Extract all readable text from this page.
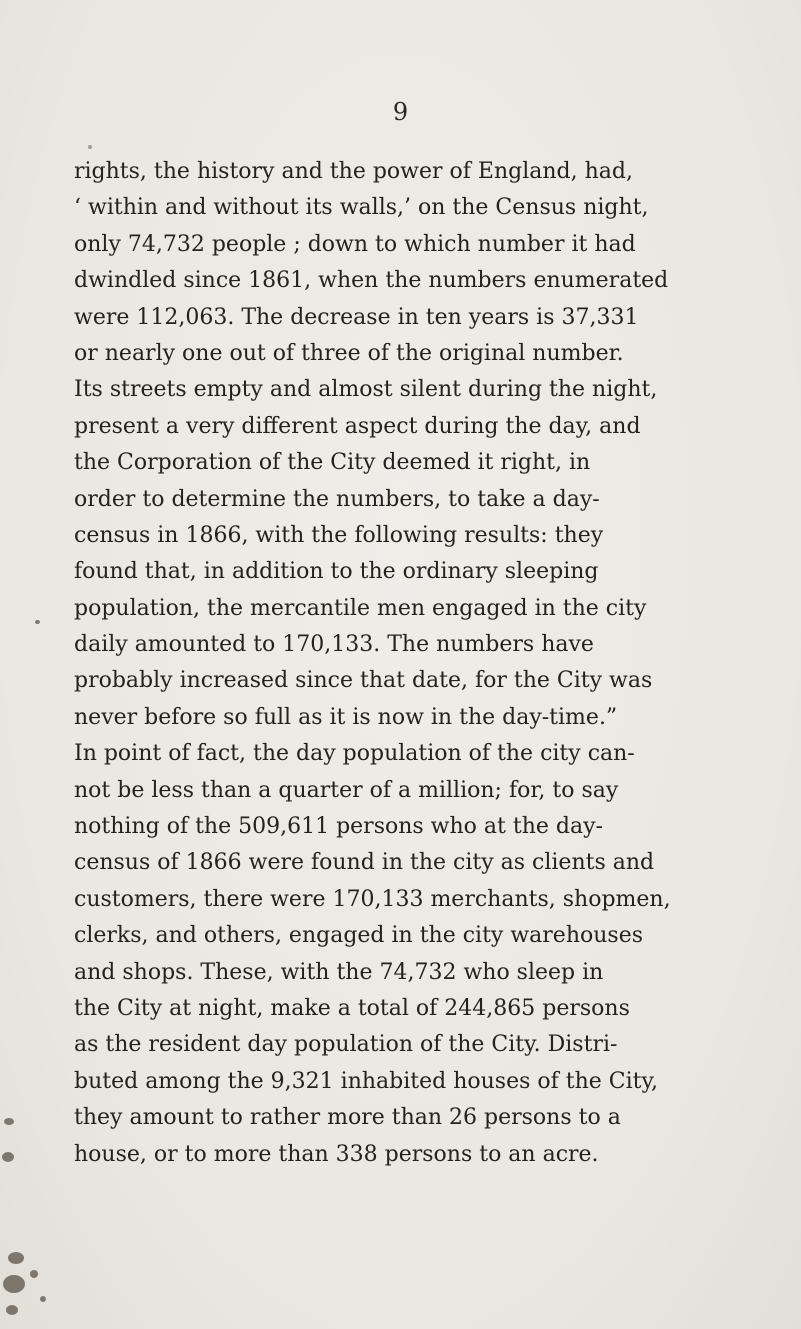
9
rights, the history and the power of England, had,
‘ within and without its walls,’ on the Census night,
only 74,732 people ; down to which number it had
dwindled since 1861, when the numbers enumerated
were 112,063. The decrease in ten years is 37,331
or nearly one out of three of the original number.
Its streets empty and almost silent during the night,
present a very different aspect during the day, and
the Corporation of the City deemed it right, in
order to determine the numbers, to take a day-
census in 1866, with the following results: they
found that, in addition to the ordinary sleeping
population, the mercantile men engaged in the city
daily amounted to 170,133. The numbers have
probably increased since that date, for the City was
never before so full as it is now in the day-time.”
In point of fact, the day population of the city can-
not be less than a quarter of a million; for, to say
nothing of the 509,611 persons who at the day-
census of 1866 were found in the city as clients and
customers, there were 170,133 merchants, shopmen,
clerks, and others, engaged in the city warehouses
and shops. These, with the 74,732 who sleep in
the City at night, make a total of 244,865 persons
as the resident day population of the City. Distri-
buted among the 9,321 inhabited houses of the City,
they amount to rather more than 26 persons to a
house, or to more than 338 persons to an acre.
